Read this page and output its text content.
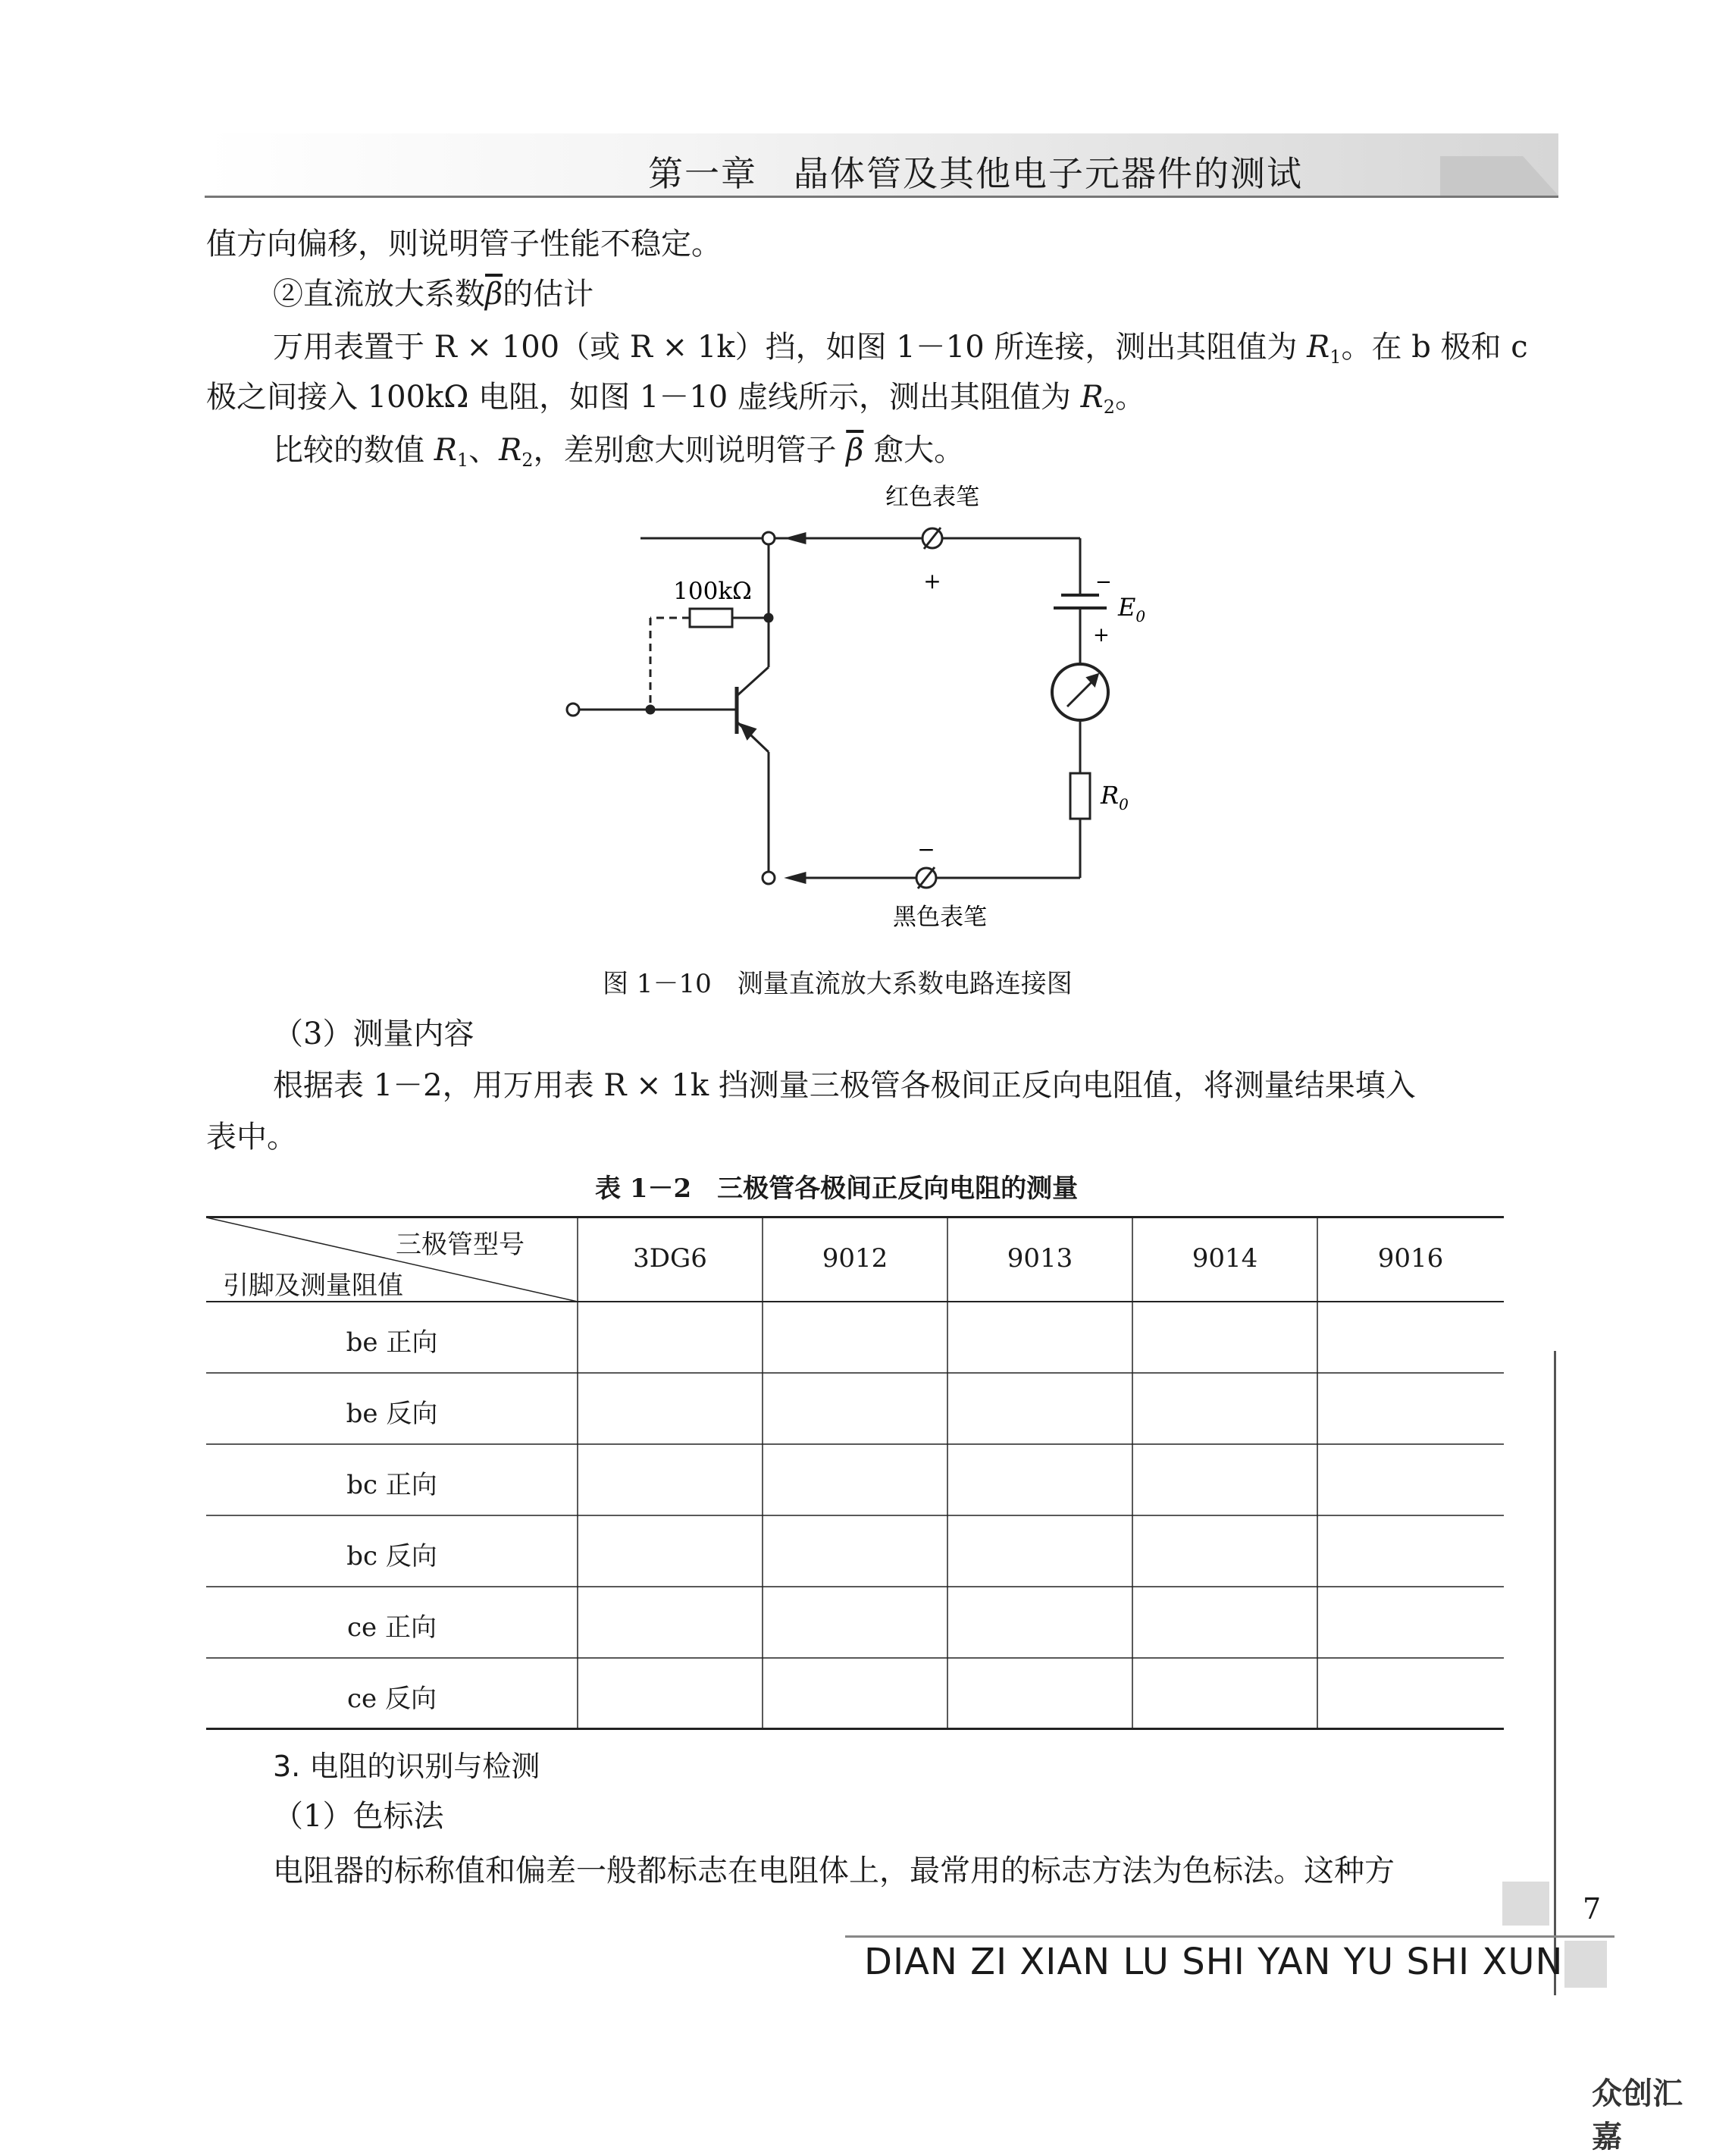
第一章　晶体管及其他电子元器件的测试
值方向偏移，则说明管子性能不稳定。
②直流放大系数$\overline{\beta}$的估计
万用表置于 R × 100（或 R × 1k）挡，如图 1－10 所连接，测出其阻值为 $R_1$。在 b 极和 c
极之间接入 100kΩ 电阻，如图 1－10 虚线所示，测出其阻值为 $R_2$。
比较的数值 $R_1$、$R_2$，差别愈大则说明管子 $\overline{\beta}$ 愈大。
红色表笔
+
100kΩ	−
$E_0$
+
$R_0$
−
黑色表笔
图 1－10　测量直流放大系数电路连接图
（3）测量内容
根据表 1－2，用万用表 R × 1k 挡测量三极管各极间正反向电阻值，将测量结果填入
表中。
表 1－2　三极管各极间正反向电阻的测量
三极管型号
引脚及测量阻值
3DG6	9012	9013	9014	9016
be 正向
be 反向
bc 正向
bc 反向
ce 正向
ce 反向
3. 电阻的识别与检测
（1）色标法
电阻器的标称值和偏差一般都标志在电阻体上，最常用的标志方法为色标法。这种方
7
DIAN ZI XIAN LU SHI YAN YU SHI XUN
众创汇嘉
